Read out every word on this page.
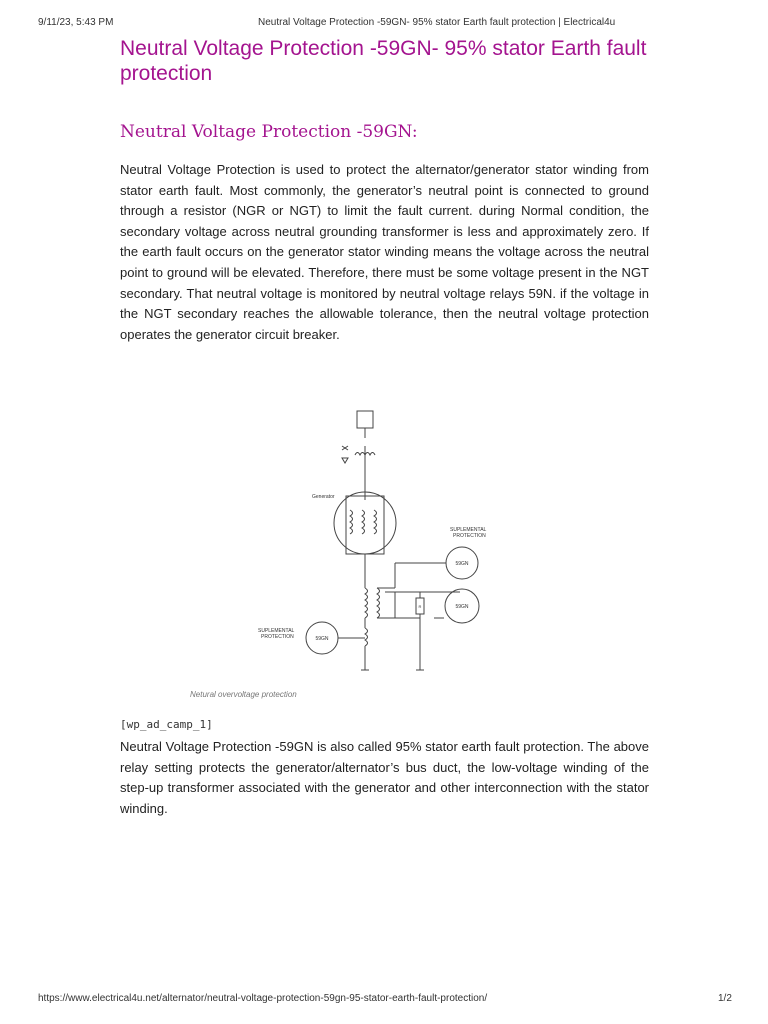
9/11/23, 5:43 PM	Neutral Voltage Protection -59GN- 95% stator Earth fault protection | Electrical4u
Neutral Voltage Protection -59GN- 95% stator Earth fault protection
Neutral Voltage Protection -59GN:

Neutral Voltage Protection is used to protect the alternator/generator stator winding from stator earth fault. Most commonly, the generator’s neutral point is connected to ground through a resistor (NGR or NGT) to limit the fault current. during Normal condition, the secondary voltage across neutral grounding transformer is less and approximately zero. If the earth fault occurs on the generator stator winding means the voltage across the neutral point to ground will be elevated. Therefore, there must be some voltage present in the NGT secondary. That neutral voltage is monitored by neutral voltage relays 59N. if the voltage in the NGT secondary reaches the allowable tolerance, then the neutral voltage protection operates the generator circuit breaker.

Generator
SUPLEMENTAL
PROTECTION
SUPLEMENTAL
PROTECTION
59GN
59GN
59GN
R
Netural overvoltage protection
[wp_ad_camp_1]

Neutral Voltage Protection -59GN is also called 95% stator earth fault protection. The above relay setting protects the generator/alternator’s bus duct, the low-voltage winding of the step-up transformer associated with the generator and other interconnection with the stator winding.

https://www.electrical4u.net/alternator/neutral-voltage-protection-59gn-95-stator-earth-fault-protection/	1/2
